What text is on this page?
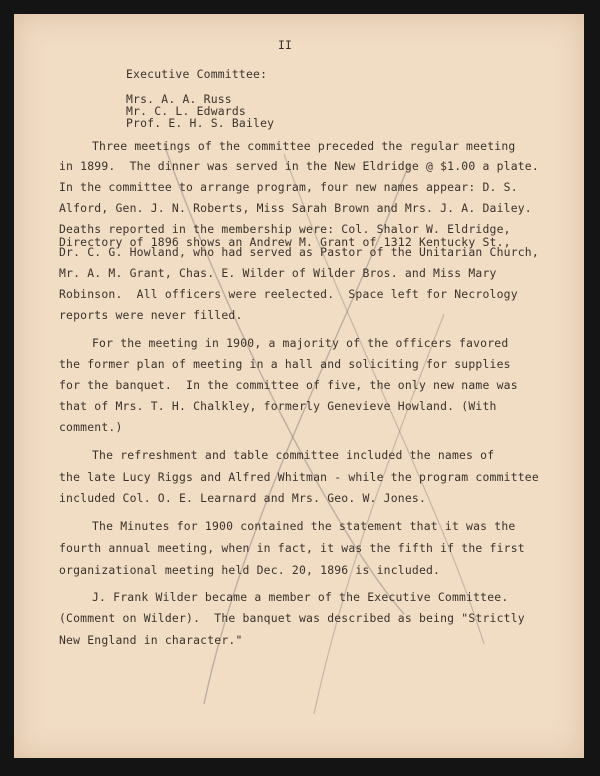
II
Executive Committee:
Mrs. A. A. Russ
Mr. C. L. Edwards
Prof. E. H. S. Bailey
Three meetings of the committee preceded the regular meeting
in 1899.  The dinner was served in the New Eldridge @ $1.00 a plate.
In the committee to arrange program, four new names appear: D. S.
Alford, Gen. J. N. Roberts, Miss Sarah Brown and Mrs. J. A. Dailey.
Deaths reported in the membership were: Col. Shalor W. Eldridge,
Directory of 1896 shows an Andrew M. Grant of 1312 Kentucky St.,
Dr. C. G. Howland, who had served as Pastor of the Unitarian Church,
Mr. A. M. Grant, Chas. E. Wilder of Wilder Bros. and Miss Mary
Robinson.  All officers were reelected.  Space left for Necrology
reports were never filled.
For the meeting in 1900, a majority of the officers favored
the former plan of meeting in a hall and soliciting for supplies
for the banquet.  In the committee of five, the only new name was
that of Mrs. T. H. Chalkley, formerly Genevieve Howland. (With
comment.)
The refreshment and table committee included the names of
the late Lucy Riggs and Alfred Whitman - while the program committee
included Col. O. E. Learnard and Mrs. Geo. W. Jones.
The Minutes for 1900 contained the statement that it was the
fourth annual meeting, when in fact, it was the fifth if the first
organizational meeting held Dec. 20, 1896 is included.
J. Frank Wilder became a member of the Executive Committee.
(Comment on Wilder).  The banquet was described as being "Strictly
New England in character."
